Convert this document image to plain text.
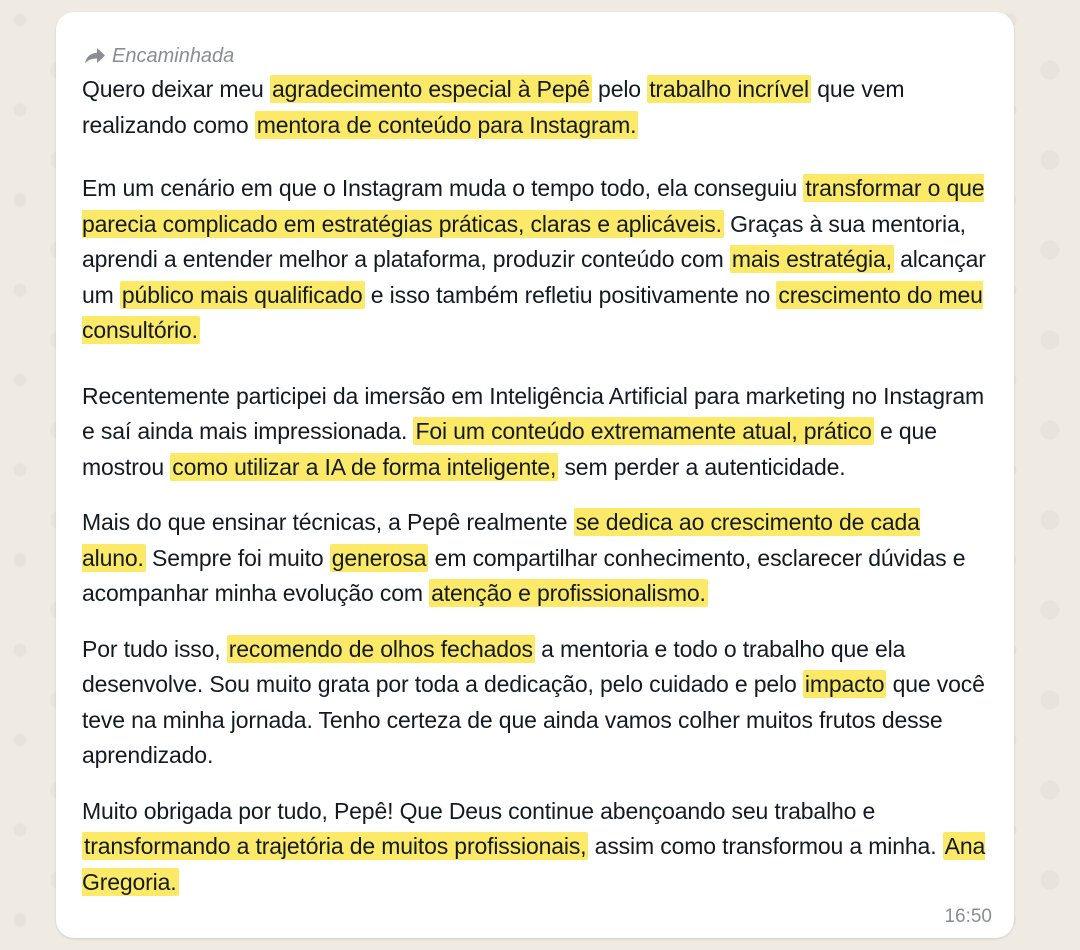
Encaminhada

Quero deixar meu agradecimento especial à Pepê pelo trabalho incrível que vem realizando como mentora de conteúdo para Instagram.

Em um cenário em que o Instagram muda o tempo todo, ela conseguiu transformar o que parecia complicado em estratégias práticas, claras e aplicáveis. Graças à sua mentoria, aprendi a entender melhor a plataforma, produzir conteúdo com mais estratégia, alcançar um público mais qualificado e isso também refletiu positivamente no crescimento do meu consultório.

Recentemente participei da imersão em Inteligência Artificial para marketing no Instagram e saí ainda mais impressionada. Foi um conteúdo extremamente atual, prático e que mostrou como utilizar a IA de forma inteligente, sem perder a autenticidade.

Mais do que ensinar técnicas, a Pepê realmente se dedica ao crescimento de cada aluno. Sempre foi muito generosa em compartilhar conhecimento, esclarecer dúvidas e acompanhar minha evolução com atenção e profissionalismo.

Por tudo isso, recomendo de olhos fechados a mentoria e todo o trabalho que ela desenvolve. Sou muito grata por toda a dedicação, pelo cuidado e pelo impacto que você teve na minha jornada. Tenho certeza de que ainda vamos colher muitos frutos desse aprendizado.

Muito obrigada por tudo, Pepê! Que Deus continue abençoando seu trabalho e transformando a trajetória de muitos profissionais, assim como transformou a minha. Ana Gregoria.

16:50
